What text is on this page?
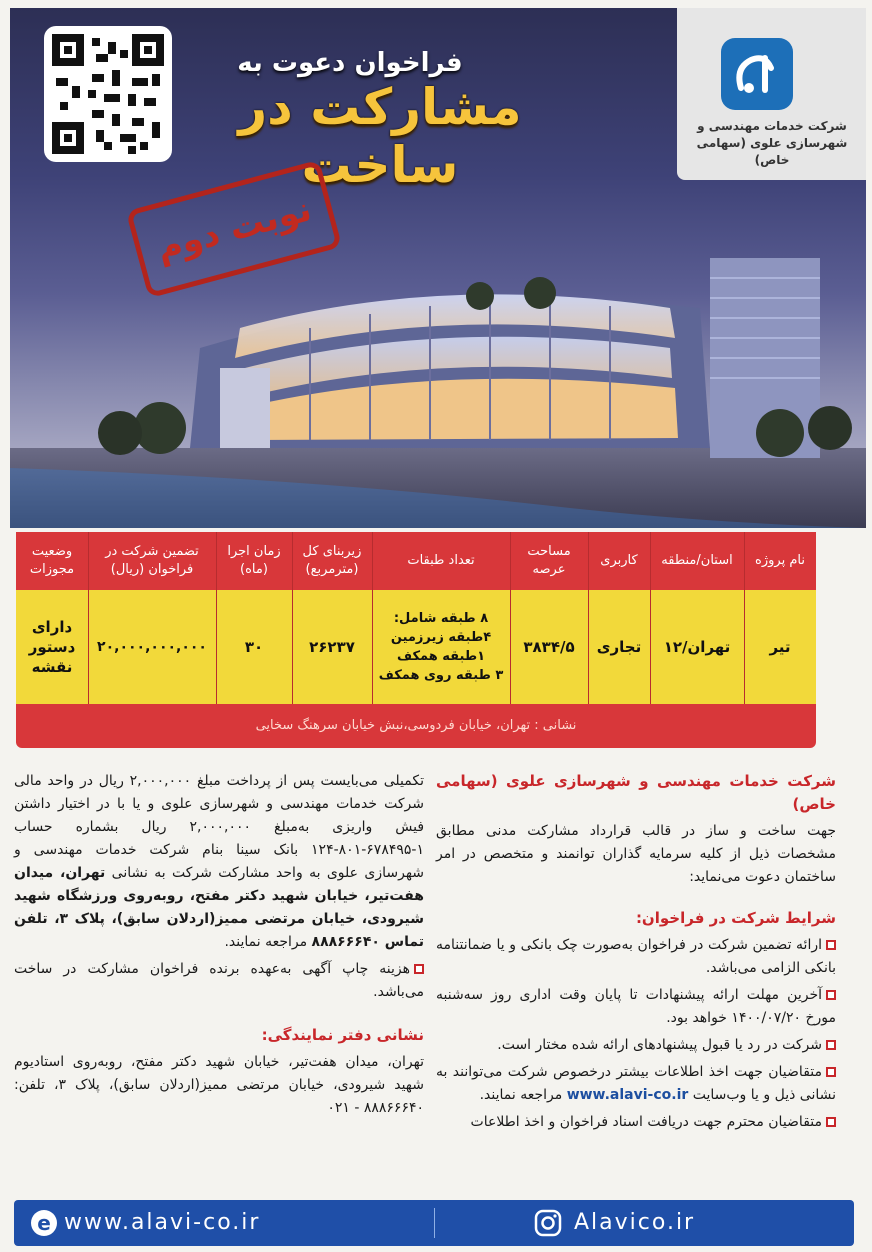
فراخوان دعوت به
مشارکت در ساخت
شرکت خدمات مهندسی و
شهرسازی علوی (سهامی خاص)
نوبت دوم
نام پروژه
استان/منطقه
کاربری
مساحت عرصه
تعداد طبقات
زیربنای کل (مترمربع)
زمان اجرا (ماه)
تضمین شرکت در فراخوان (ریال)
وضعیت مجوزات
تیر
تهران/۱۲
تجاری
۳۸۳۴/۵
۸ طبقه شامل:
۴طبقه زیرزمین
۱طبقه همکف
۳ طبقه روی همکف
۲۶۲۳۷
۳۰
۲۰,۰۰۰,۰۰۰,۰۰۰
دارای دستور نقشه
نشانی : تهران، خیابان فردوسی،نبش خیابان سرهنگ سخایی
شرکت خدمات مهندسی و شهرسازی علوی (سهامی خاص)
جهت ساخت و ساز در قالب قرارداد مشارکت مدنی مطابق مشخصات ذیل از کلیه سرمایه گذاران توانمند و متخصص در امر ساختمان دعوت می‌نماید:
شرایط شرکت در فراخوان:
ارائه تضمین شرکت در فراخوان به‌صورت چک بانکی و یا ضمانتنامه بانکی الزامی می‌باشد.
آخرین مهلت ارائه پیشنهادات تا پایان وقت اداری روز سه‌شنبه مورخ ۱۴۰۰/۰۷/۲۰ خواهد بود.
شرکت در رد یا قبول پیشنهادهای ارائه شده مختار است.
متقاضیان جهت اخذ اطلاعات بیشتر درخصوص شرکت می‌توانند به نشانی ذیل و یا وب‌سایت www.alavi-co.ir مراجعه نمایند.
متقاضیان محترم جهت دریافت اسناد فراخوان و اخذ اطلاعات
تکمیلی می‌بایست پس از پرداخت مبلغ ۲,۰۰۰,۰۰۰ ریال در واحد مالی شرکت خدمات مهندسی و شهرسازی علوی و یا با در اختیار داشتن فیش واریزی به‌مبلغ ۲,۰۰۰,۰۰۰ ریال بشماره حساب ۱-۶۷۸۴۹۵-۸۰۱-۱۲۴ بانک سینا بنام شرکت خدمات مهندسی و شهرسازی علوی به واحد مشارکت شرکت به نشانی تهران، میدان هفت‌تیر، خیابان شهید دکتر مفتح، روبه‌روی ورزشگاه شهید شیرودی، خیابان مرتضی ممیز(اردلان سابق)، پلاک ۳، تلفن تماس ۸۸۸۶۶۶۴۰ مراجعه نمایند.
هزینه چاپ آگهی به‌عهده برنده فراخوان مشارکت در ساخت می‌باشد.
نشانی دفتر نمایندگی:
تهران، میدان هفت‌تیر، خیابان شهید دکتر مفتح، روبه‌روی استادیوم شهید شیرودی، خیابان مرتضی ممیز(اردلان سابق)، پلاک ۳، تلفن: ۸۸۸۶۶۶۴۰ - ۰۲۱
e www.alavi-co.ir	Alavico.ir
